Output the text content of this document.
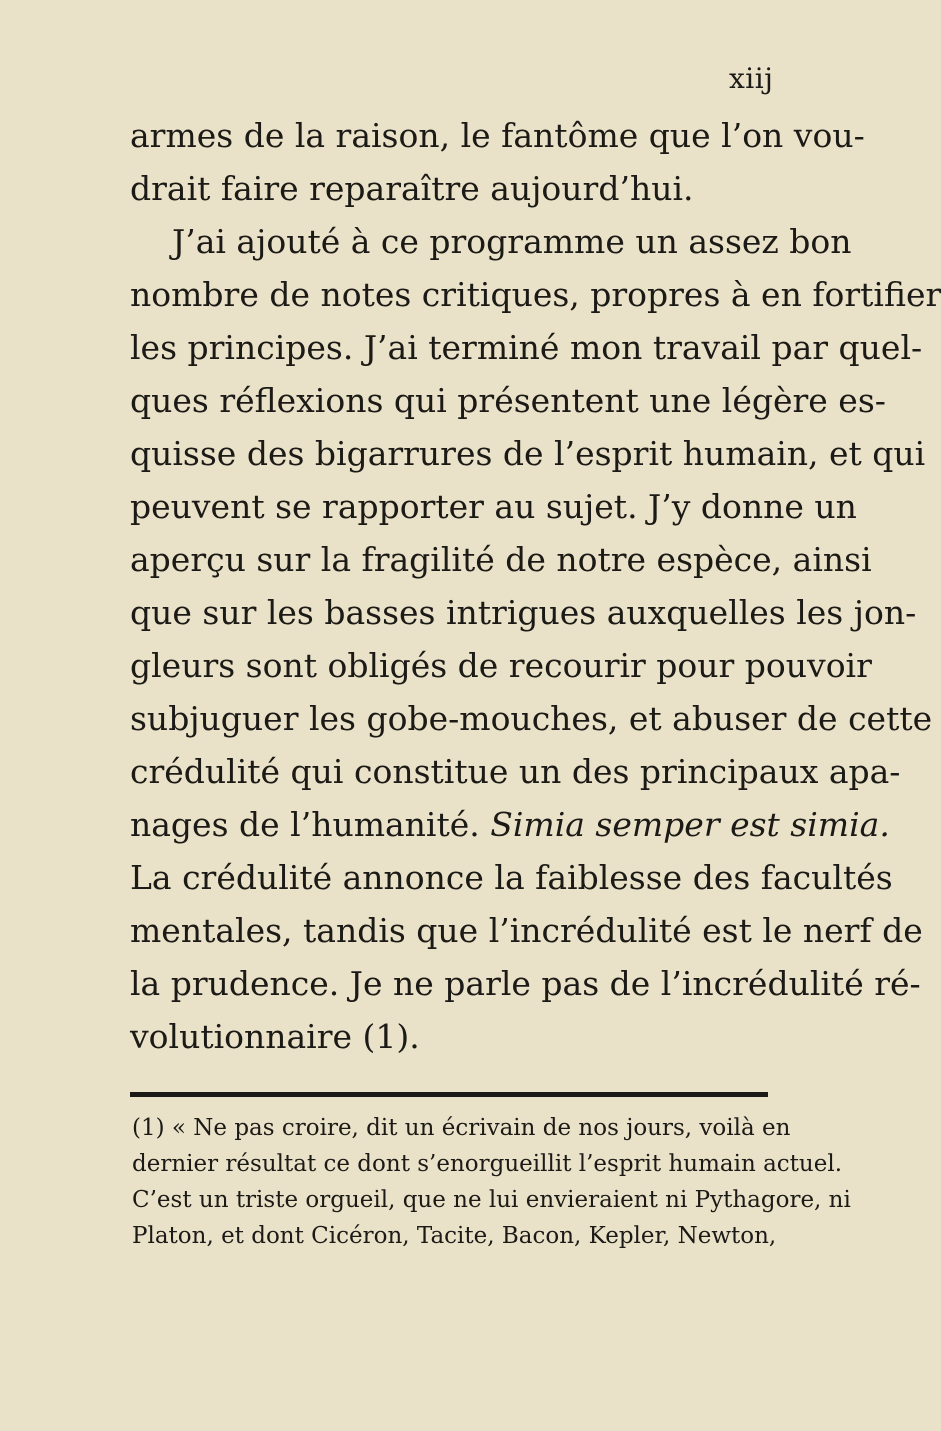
xiij
armes de la raison, le fantôme que l’on vou-
drait faire reparaître aujourd’hui.
J’ai ajouté à ce programme un assez bon
nombre de notes critiques, propres à en fortifier
les principes. J’ai terminé mon travail par quel-
ques réflexions qui présentent une légère es-
quisse des bigarrures de l’esprit humain, et qui
peuvent se rapporter au sujet. J’y donne un
aperçu sur la fragilité de notre espèce, ainsi
que sur les basses intrigues auxquelles les jon-
gleurs sont obligés de recourir pour pouvoir
subjuguer les gobe-mouches, et abuser de cette
crédulité qui constitue un des principaux apa-
nages de l’humanité. Simia semper est simia.
La crédulité annonce la faiblesse des facultés
mentales, tandis que l’incrédulité est le nerf de
la prudence. Je ne parle pas de l’incrédulité ré-
volutionnaire (1).
(1) « Ne pas croire, dit un écrivain de nos jours, voilà en
dernier résultat ce dont s’enorgueillit l’esprit humain actuel.
C’est un triste orgueil, que ne lui envieraient ni Pythagore, ni
Platon, et dont Cicéron, Tacite, Bacon, Kepler, Newton,
